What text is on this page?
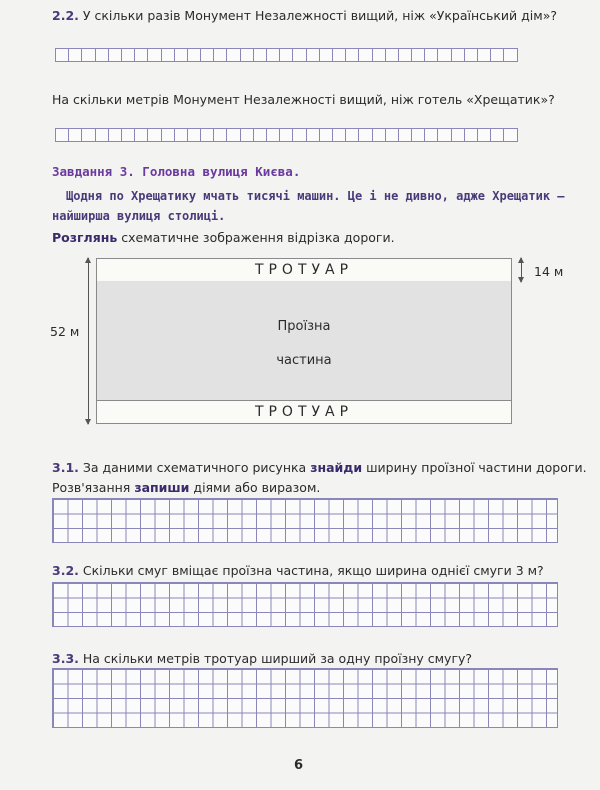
2.2. У скільки разів Монумент Незалежності вищий, ніж «Український дім»?
На скільки метрів Монумент Незалежності вищий, ніж готель «Хрещатик»?
Завдання 3. Головна вулиця Києва.
Щодня по Хрещатику мчать тисячі машин. Це і не дивно, адже Хрещатик —
найширша вулиця столиці.
Розглянь схематичне зображення відрізка дороги.
52 м
ТРОТУАР
Проїзна
частина
ТРОТУАР
14 м
3.1. За даними схематичного рисунка знайди ширину проїзної частини дороги.
Розв'язання запиши діями або виразом.
3.2. Скільки смуг вміщає проїзна частина, якщо ширина однієї смуги 3 м?
3.3. На скільки метрів тротуар ширший за одну проїзну смугу?
6
